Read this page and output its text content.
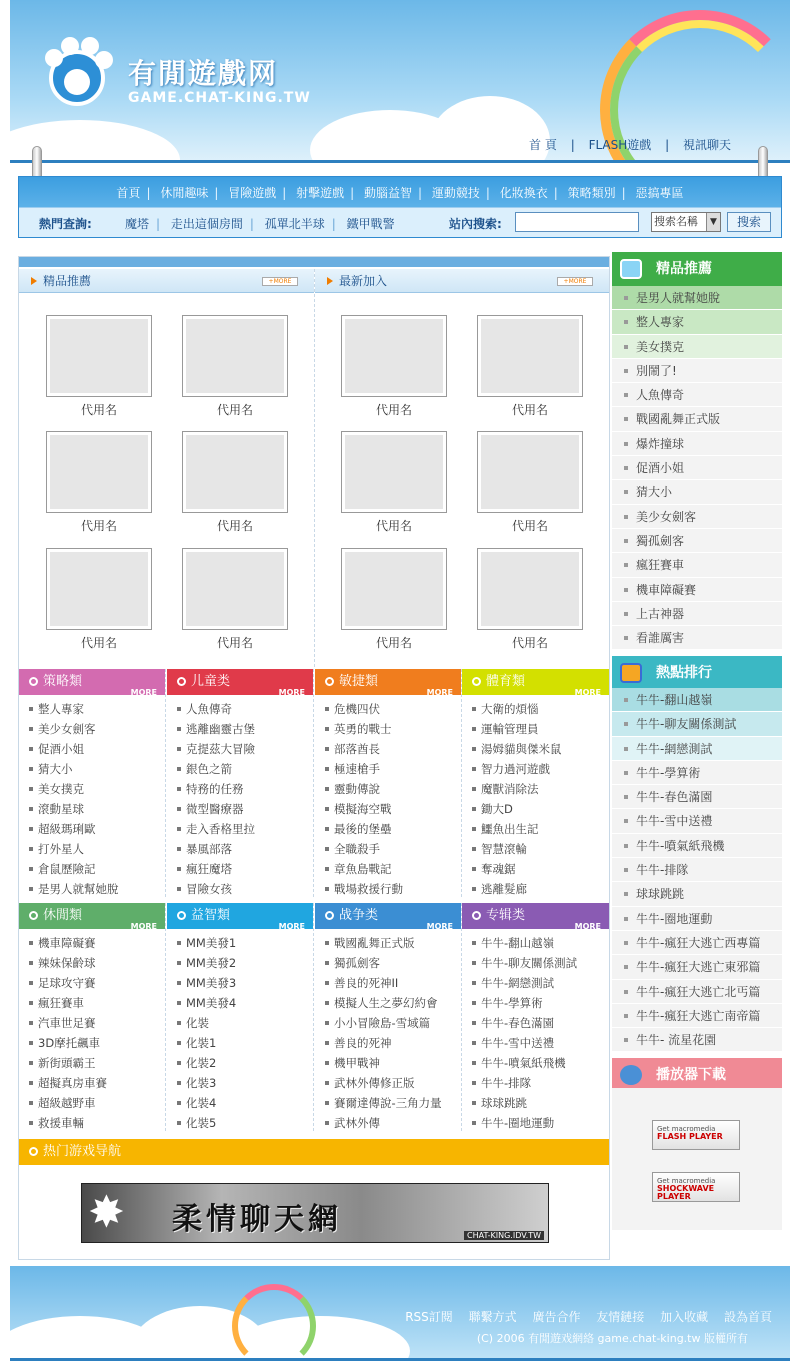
有閒遊戲网
GAME.CHAT-KING.TW
首 頁 | FLASH遊戲 | 視訊聊天
首頁 | 休閒趣味 | 冒險遊戲 | 射擊遊戲 | 動腦益智 | 運動競技 | 化妝換衣 | 策略類別 | 惡搞專區
熱門查詢:	魔塔 | 走出這個房間 | 孤單北半球 | 鐵甲戰警	站內搜索:	搜索名稱	▼	搜索
精品推薦	+MORE	最新加入	+MORE
代用名	代用名
代用名	代用名
代用名	代用名
代用名	代用名
代用名	代用名
代用名	代用名
策略類
MORE
整人專家
美少女劍客
促酒小姐
猜大小
美女撲克
滾動星球
超級瑪琍歐
打外星人
倉鼠歷險記
是男人就幫她脫
儿童类
MORE
人魚傳奇
逃離幽靈古堡
克提茲大冒險
銀色之箭
特務的任務
微型醫療器
走入香格里拉
暴風部落
瘋狂魔塔
冒險女孩
敏捷類
MORE
危機四伏
英勇的戰士
部落酋長
極速槍手
靈動傳說
模擬海空戰
最後的堡壘
全職殺手
章魚島戰記
戰場救援行動
體育類
MORE
大衛的煩惱
運輸管理員
湯姆貓與傑米鼠
智力過河遊戲
魔獸消除法
鋤大D
鱷魚出生記
智慧滾輪
奪魂鋸
逃離髮廊
休閒類
MORE
機車障礙賽
辣妹保齡球
足球攻守賽
瘋狂賽車
汽車世足賽
3D摩托飆車
新街頭霸王
超擬真房車賽
超級越野車
救援車輛
益智類
MORE
MM美發1
MM美發2
MM美發3
MM美發4
化裝
化裝1
化裝2
化裝3
化裝4
化裝5
战争类
MORE
戰國亂舞正式版
獨孤劍客
善良的死神II
模擬人生之夢幻約會
小小冒險島-雪域篇
善良的死神
機甲戰神
武林外傳修正版
賽爾達傳說-三角力量
武林外傳
专辑类
MORE
牛牛-翻山越嶺
牛牛-聊友關係測試
牛牛-網戀測試
牛牛-學算術
牛牛-春色滿園
牛牛-雪中送禮
牛牛-噴氣紙飛機
牛牛-排隊
球球跳跳
牛牛-圈地運動
热门游戏导航
✸ 柔情聊天網	CHAT-KING.IDV.TW
精品推薦
是男人就幫她脫
整人專家
美女撲克
別鬧了!
人魚傳奇
戰國亂舞正式版
爆炸撞球
促酒小姐
猜大小
美少女劍客
獨孤劍客
瘋狂賽車
機車障礙賽
上古神器
看誰厲害
熱點排行
牛牛-翻山越嶺
牛牛-聊友關係測試
牛牛-網戀測試
牛牛-學算術
牛牛-春色滿園
牛牛-雪中送禮
牛牛-噴氣紙飛機
牛牛-排隊
球球跳跳
牛牛-圈地運動
牛牛-瘋狂大逃亡西專篇
牛牛-瘋狂大逃亡東邪篇
牛牛-瘋狂大逃亡北丐篇
牛牛-瘋狂大逃亡南帝篇
牛牛- 流星花園
播放器下載
Get macromedia
FLASH PLAYER
Get macromedia
SHOCKWAVE PLAYER
RSS訂閱 聯繫方式 廣告合作 友情鏈接 加入收藏 設為首頁
(C) 2006 有閒遊戏網絡 game.chat-king.tw 版權所有
